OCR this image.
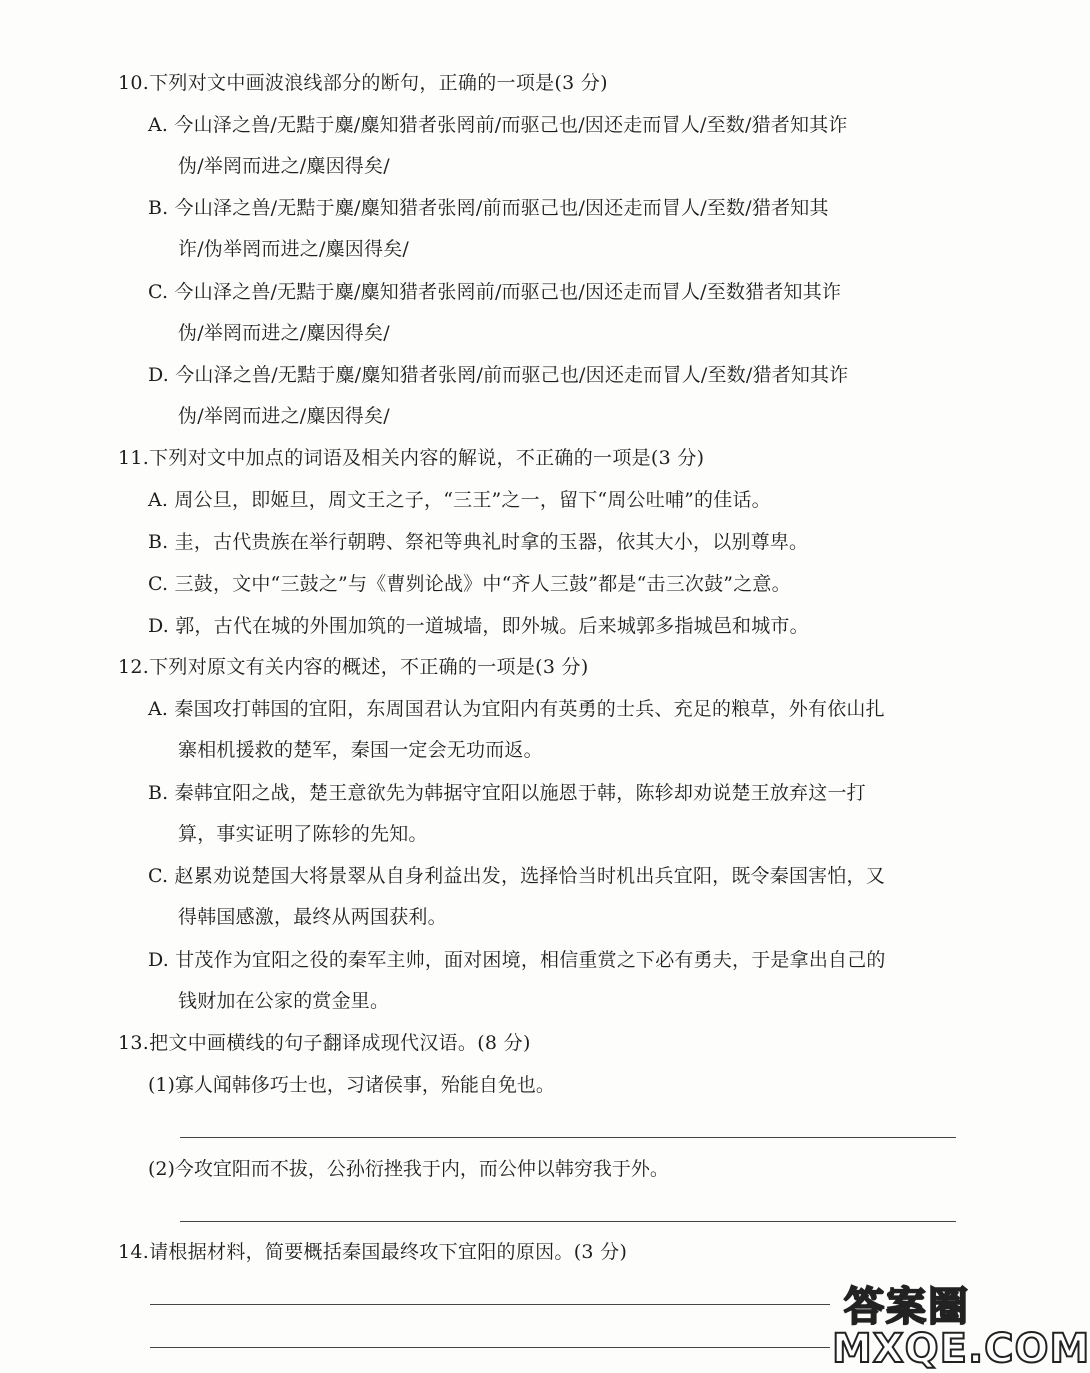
10.下列对文中画波浪线部分的断句，正确的一项是(3 分)
A. 今山泽之兽/无黠于麋/麋知猎者张罔前/而驱己也/因还走而冒人/至数/猎者知其诈
伪/举罔而进之/麋因得矣/
B. 今山泽之兽/无黠于麋/麋知猎者张罔/前而驱己也/因还走而冒人/至数/猎者知其
诈/伪举罔而进之/麋因得矣/
C. 今山泽之兽/无黠于麋/麋知猎者张罔前/而驱己也/因还走而冒人/至数猎者知其诈
伪/举罔而进之/麋因得矣/
D. 今山泽之兽/无黠于麋/麋知猎者张罔/前而驱己也/因还走而冒人/至数/猎者知其诈
伪/举罔而进之/麋因得矣/
11.下列对文中加点的词语及相关内容的解说，不正确的一项是(3 分)
A. 周公旦，即姬旦，周文王之子，“三王”之一，留下“周公吐哺”的佳话。
B. 圭，古代贵族在举行朝聘、祭祀等典礼时拿的玉器，依其大小，以别尊卑。
C. 三鼓，文中“三鼓之”与《曹刿论战》中“齐人三鼓”都是“击三次鼓”之意。
D. 郭，古代在城的外围加筑的一道城墙，即外城。后来城郭多指城邑和城市。
12.下列对原文有关内容的概述，不正确的一项是(3 分)
A. 秦国攻打韩国的宜阳，东周国君认为宜阳内有英勇的士兵、充足的粮草，外有依山扎
寨相机援救的楚军，秦国一定会无功而返。
B. 秦韩宜阳之战，楚王意欲先为韩据守宜阳以施恩于韩，陈轸却劝说楚王放弃这一打
算，事实证明了陈轸的先知。
C. 赵累劝说楚国大将景翠从自身利益出发，选择恰当时机出兵宜阳，既令秦国害怕，又
得韩国感激，最终从两国获利。
D. 甘茂作为宜阳之役的秦军主帅，面对困境，相信重赏之下必有勇夫，于是拿出自己的
钱财加在公家的赏金里。
13.把文中画横线的句子翻译成现代汉语。(8 分)
(1)寡人闻韩侈巧士也，习诸侯事，殆能自免也。
(2)今攻宜阳而不拔，公孙衍挫我于内，而公仲以韩穷我于外。
14.请根据材料，简要概括秦国最终攻下宜阳的原因。(3 分)
答案圈
MXQE.COM
